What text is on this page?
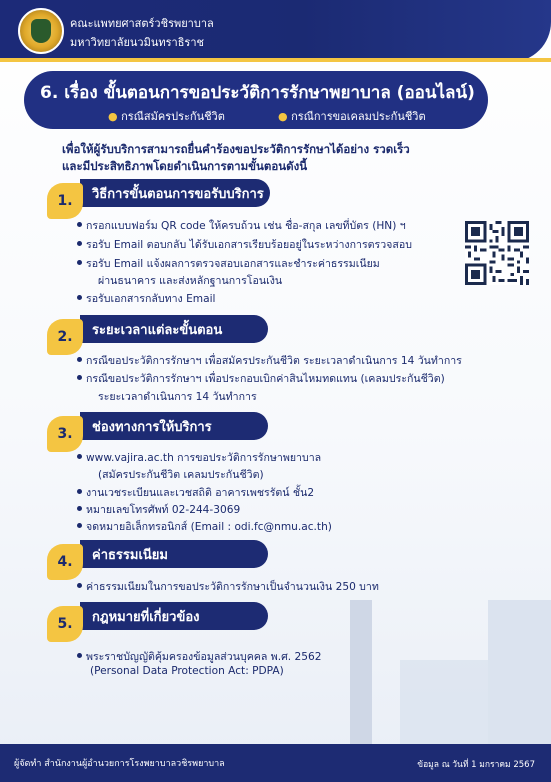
คณะแพทยศาสตร์วชิรพยาบาล
มหาวิทยาลัยนวมินทราธิราช
6. เรื่อง ขั้นตอนการขอประวัติการรักษาพยาบาล (ออนไลน์)
● กรณีสมัครประกันชีวิต	● กรณีการขอเคลมประกันชีวิต
เพื่อให้ผู้รับบริการสามารถยื่นคำร้องขอประวัติการรักษาได้อย่าง รวดเร็ว
และมีประสิทธิภาพโดยดำเนินการตามขั้นตอนดังนี้
วิธีการขั้นตอนการขอรับบริการ
1.
กรอกแบบฟอร์ม QR code ให้ครบถ้วน เช่น ชื่อ-สกุล เลขที่บัตร (HN) ฯ
รอรับ Email ตอบกลับ ได้รับเอกสารเรียบร้อยอยู่ในระหว่างการตรวจสอบ
รอรับ Email แจ้งผลการตรวจสอบเอกสารและชำระค่าธรรมเนียม
ผ่านธนาคาร และส่งหลักฐานการโอนเงิน
รอรับเอกสารกลับทาง Email
ระยะเวลาแต่ละขั้นตอน
2.
กรณีขอประวัติการรักษาฯ เพื่อสมัครประกันชีวิต ระยะเวลาดำเนินการ 14 วันทำการ
กรณีขอประวัติการรักษาฯ เพื่อประกอบเบิกค่าสินไหมทดแทน (เคลมประกันชีวิต)
ระยะเวลาดำเนินการ 14 วันทำการ
ช่องทางการให้บริการ
3.
www.vajira.ac.th การขอประวัติการรักษาพยาบาล
(สมัครประกันชีวิต เคลมประกันชีวิต)
งานเวชระเบียนและเวชสถิติ อาคารเพชรรัตน์ ชั้น2
หมายเลขโทรศัพท์ 02-244-3069
จดหมายอิเล็กทรอนิกส์ (Email : odi.fc@nmu.ac.th)
ค่าธรรมเนียม
4.
ค่าธรรมเนียมในการขอประวัติการรักษาเป็นจำนวนเงิน 250 บาท
กฎหมายที่เกี่ยวข้อง
5.
พระราชบัญญัติคุ้มครองข้อมูลส่วนบุคคล พ.ศ. 2562
(Personal Data Protection Act: PDPA)
ผู้จัดทำ สำนักงานผู้อำนวยการโรงพยาบาลวชิรพยาบาล	ข้อมูล ณ วันที่ 1 มกราคม 2567
